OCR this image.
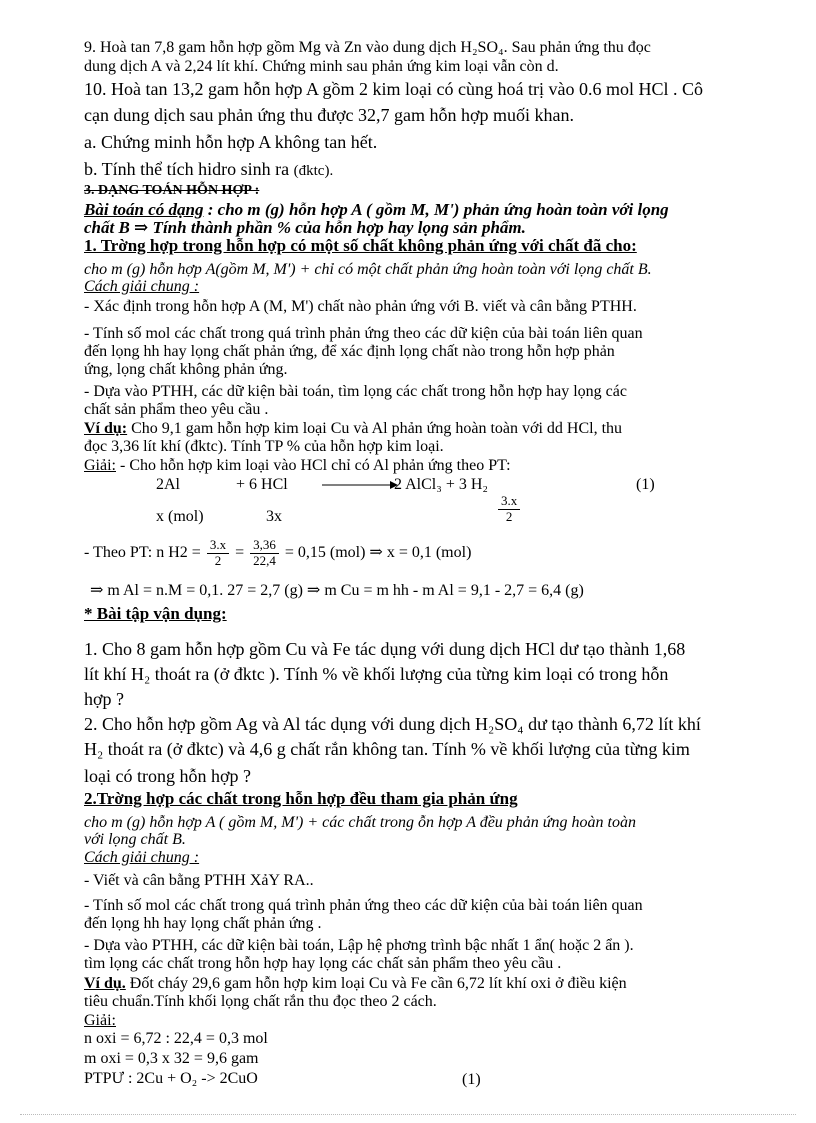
9. Hoà tan 7,8 gam hỗn hợp gồm Mg và Zn vào dung dịch H₂SO₄. Sau phản ứng thu đọc
dung dịch A và 2,24 lít khí. Chứng minh sau phản ứng kim loại vẫn còn d.
10. Hoà tan 13,2 gam hỗn hợp A gồm 2 kim loại có cùng hoá trị vào 0.6 mol HCl . Cô
cạn dung dịch sau phản ứng thu được 32,7 gam hỗn hợp muối khan.
a. Chứng minh hỗn hợp A không tan hết.
b. Tính thể tích hidro sinh ra (đktc).
3. DẠNG TOÁN HỖN HỢP :
Bài toán có dạng : cho m (g) hỗn hợp A ( gồm M, M') phản ứng hoàn toàn với lọng
chất B ⇒ Tính thành phần % của hỗn hợp hay lọng sản phẩm.
1. Trờng hợp trong hỗn hợp có một số chất không phản ứng với chất đã cho:
cho m (g) hỗn hợp A(gồm M, M') + chỉ có một chất phản ứng hoàn toàn với lọng chất B.
Cách giải chung :
- Xác định trong hỗn hợp A (M, M') chất nào phản ứng với B. viết và cân bằng PTHH.
- Tính số mol các chất trong quá trình phản ứng theo các dữ kiện của bài toán liên quan
đến lọng hh hay lọng chất phản ứng, để xác định lọng chất nào trong hỗn hợp phản
ứng, lọng chất không phản ứng.
- Dựa vào PTHH, các dữ kiện bài toán, tìm lọng các chất trong hỗn hợp hay lọng các
chất sản phẩm theo yêu cầu .
Ví dụ: Cho 9,1 gam hỗn hợp kim loại Cu và Al phản ứng hoàn toàn với dd HCl, thu
đọc 3,36 lít khí (đktc). Tính TP % của hỗn hợp kim loại.
Giải: - Cho hỗn hợp kim loại vào HCl chỉ có Al phản ứng theo PT:
2Al	+ 6 HCl	2 AlCl₃ + 3 H₂	(1)
x (mol)	3x	$\frac{3.x}{2}$
- Theo PT: n $H2 = \frac{3.x}{2} = \frac{3,36}{22,4} = 0,15$ (mol) ⇒ x = 0,1 (mol)
⇒ m Al = n.M = 0,1. 27 = 2,7 (g) ⇒ m Cu = m hh - m Al = 9,1 - 2,7 = 6,4 (g)
* Bài tập vận dụng:
1. Cho 8 gam hỗn hợp gồm Cu và Fe tác dụng với dung dịch HCl dư tạo thành 1,68
lít khí H₂ thoát ra (ở đktc ). Tính % về khối lượng của từng kim loại có trong hỗn
hợp ?
2. Cho hỗn hợp gồm Ag và Al tác dụng với dung dịch H₂SO₄ dư tạo thành 6,72 lít khí
H₂ thoát ra (ở đktc) và 4,6 g chất rắn không tan. Tính % về khối lượng của từng kim
loại có trong hỗn hợp ?
2.Trờng hợp các chất trong hỗn hợp đều tham gia phản ứng
cho m (g) hỗn hợp A ( gồm M, M') + các chất trong ỗn hợp A đều phản ứng hoàn toàn
với lọng chất B.
Cách giải chung :
- Viết và cân bằng PTHH XảY RA..
- Tính số mol các chất trong quá trình phản ứng theo các dữ kiện của bài toán liên quan
đến lọng hh hay lọng chất phản ứng .
- Dựa vào PTHH, các dữ kiện bài toán, Lập hệ phơng trình bậc nhất 1 ẩn( hoặc 2 ẩn ).
tìm lọng các chất trong hỗn hợp hay lọng các chất sản phẩm theo yêu cầu .
Ví dụ. Đốt cháy 29,6 gam hỗn hợp kim loại Cu và Fe cần 6,72 lít khí oxi ở điều kiện
tiêu chuẩn.Tính khối lọng chất rắn thu đọc theo 2 cách.
Giải:
n oxi = 6,72 : 22,4 = 0,3 mol
m oxi = 0,3 x 32 = 9,6 gam
PTPƯ : 2Cu + O₂ -> 2CuO	(1)
